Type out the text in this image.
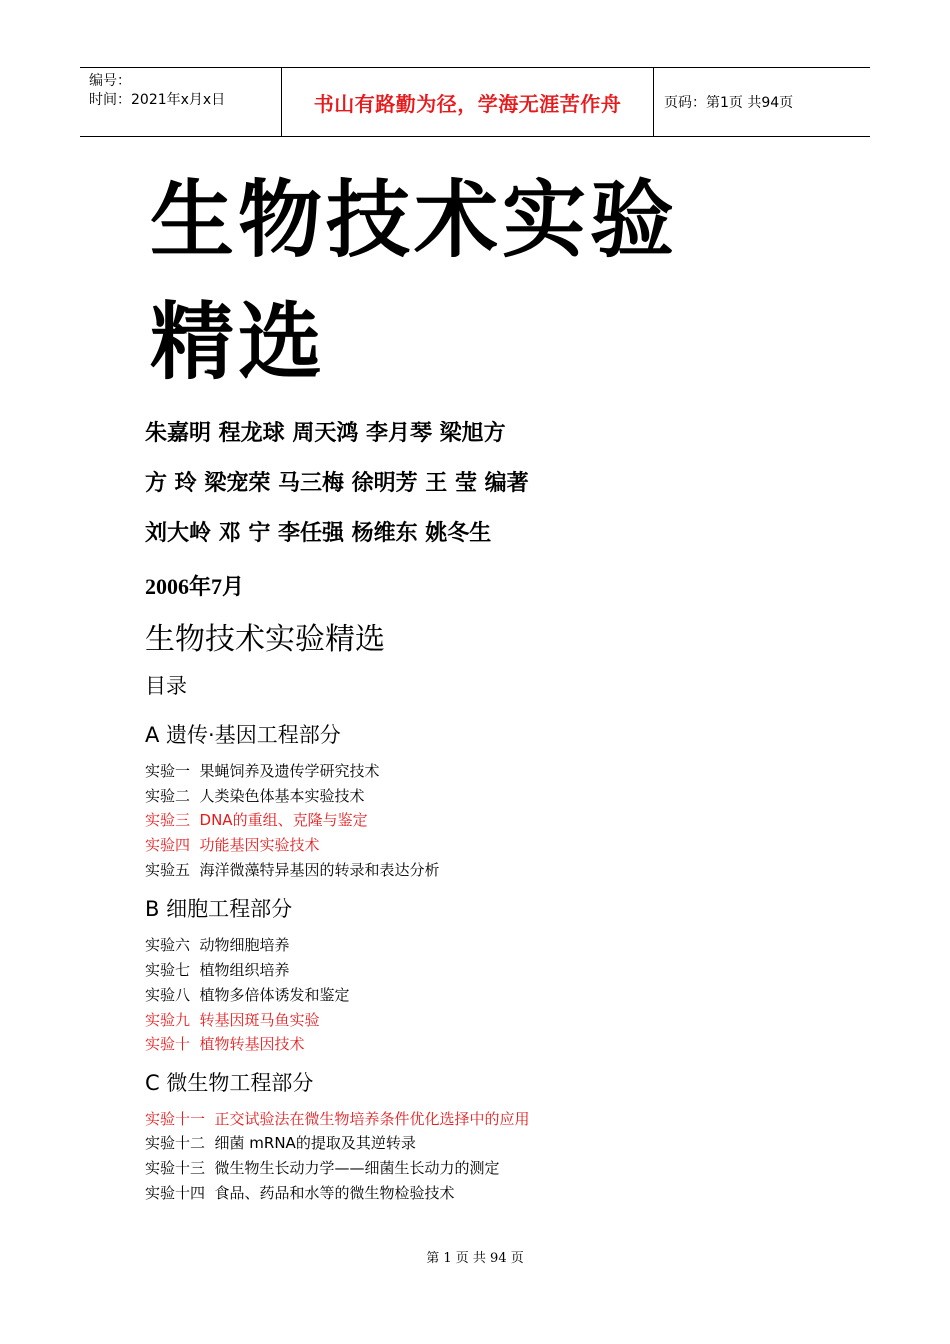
编号：
时间：2021年x月x日	书山有路勤为径，学海无涯苦作舟	页码：第1页 共94页
生物技术实验
精选
朱嘉明 程龙球 周天鸿 李月琴 梁旭方
方 玲 梁宠荣 马三梅 徐明芳 王 莹 编著
刘大岭 邓 宁 李任强 杨维东 姚冬生
2006年7月
生物技术实验精选
目录
A 遗传·基因工程部分
实验一  果蝇饲养及遗传学研究技术
实验二  人类染色体基本实验技术
实验三  DNA的重组、克隆与鉴定
实验四  功能基因实验技术
实验五  海洋微藻特异基因的转录和表达分析
B 细胞工程部分
实验六  动物细胞培养
实验七  植物组织培养
实验八  植物多倍体诱发和鉴定
实验九  转基因斑马鱼实验
实验十  植物转基因技术
C 微生物工程部分
实验十一  正交试验法在微生物培养条件优化选择中的应用
实验十二  细菌 mRNA的提取及其逆转录
实验十三  微生物生长动力学——细菌生长动力的测定
实验十四  食品、药品和水等的微生物检验技术
第 1 页 共 94 页
